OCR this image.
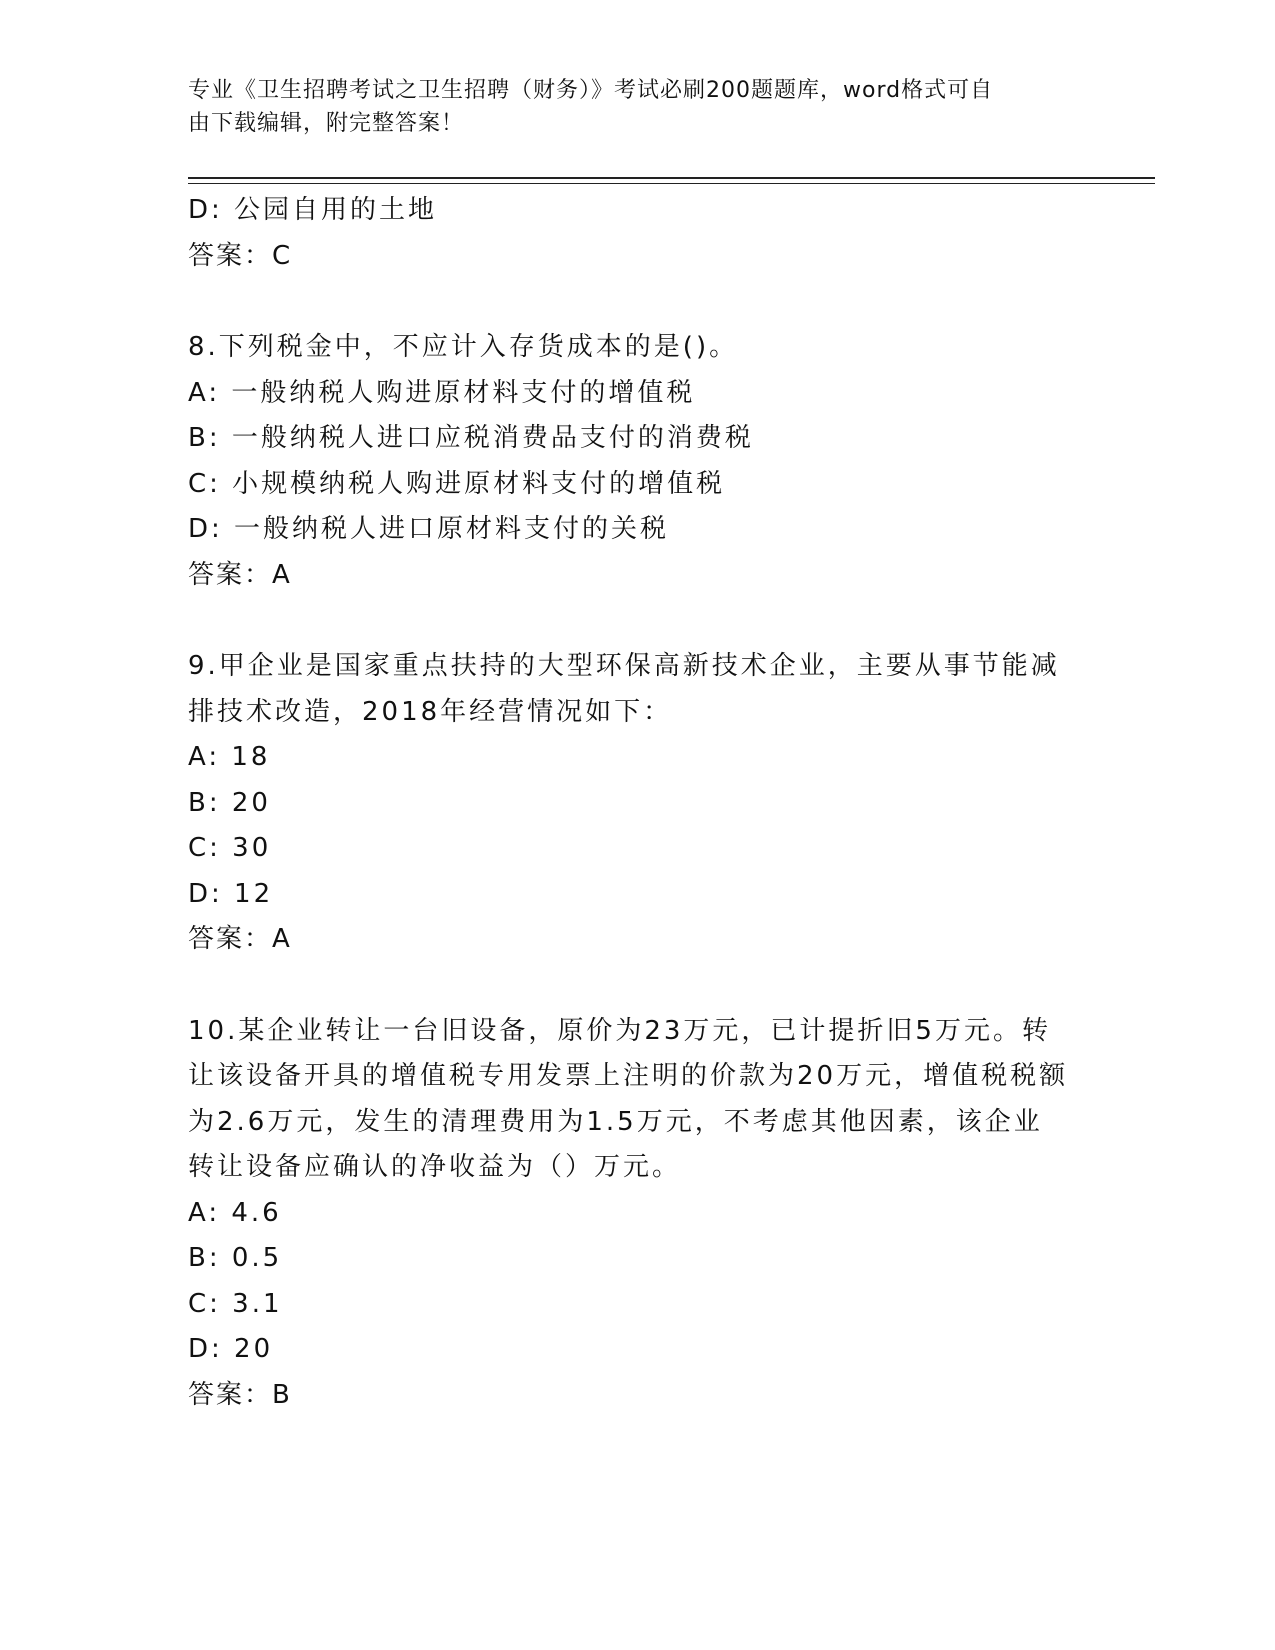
专业《卫生招聘考试之卫生招聘（财务）》考试必刷200题题库，word格式可自
由下载编辑，附完整答案！
D: 公园自用的土地
答案：C
8.下列税金中，不应计入存货成本的是()。
A: 一般纳税人购进原材料支付的增值税
B: 一般纳税人进口应税消费品支付的消费税
C: 小规模纳税人购进原材料支付的增值税
D: 一般纳税人进口原材料支付的关税
答案：A
9.甲企业是国家重点扶持的大型环保高新技术企业，主要从事节能减
排技术改造，2018年经营情况如下：
A: 18
B: 20
C: 30
D: 12
答案：A
10.某企业转让一台旧设备，原价为23万元，已计提折旧5万元。转
让该设备开具的增值税专用发票上注明的价款为20万元，增值税税额
为2.6万元，发生的清理费用为1.5万元，不考虑其他因素，该企业
转让设备应确认的净收益为（）万元。
A: 4.6
B: 0.5
C: 3.1
D: 20
答案：B
